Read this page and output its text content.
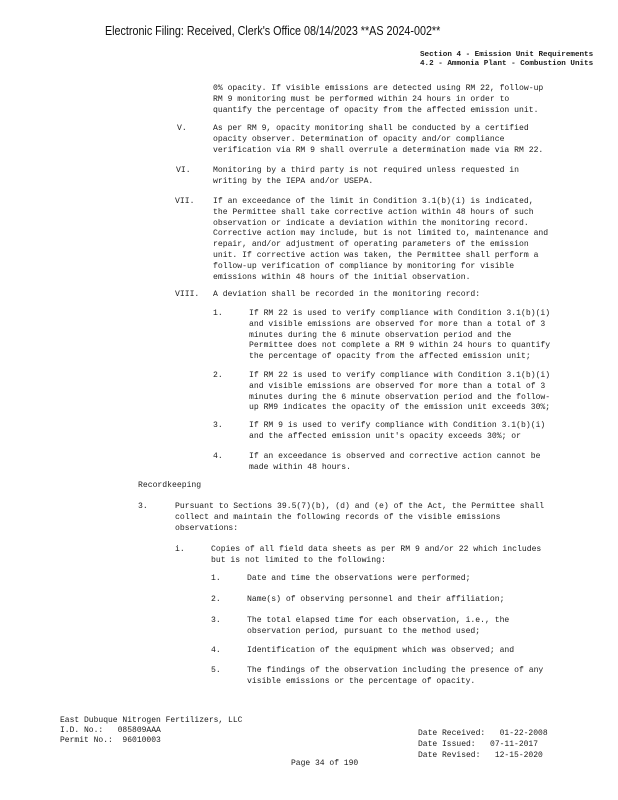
Electronic Filing: Received, Clerk's Office 08/14/2023 **AS 2024-002**
Section 4 - Emission Unit Requirements
4.2 - Ammonia Plant - Combustion Units
0% opacity. If visible emissions are detected using RM 22, follow-up
RM 9 monitoring must be performed within 24 hours in order to
quantify the percentage of opacity from the affected emission unit.
V.	As per RM 9, opacity monitoring shall be conducted by a certified
opacity observer. Determination of opacity and/or compliance
verification via RM 9 shall overrule a determination made via RM 22.
VI.	Monitoring by a third party is not required unless requested in
writing by the IEPA and/or USEPA.
VII. If an exceedance of the limit in Condition 3.1(b)(i) is indicated,
the Permittee shall take corrective action within 48 hours of such
observation or indicate a deviation within the monitoring record.
Corrective action may include, but is not limited to, maintenance and
repair, and/or adjustment of operating parameters of the emission
unit. If corrective action was taken, the Permittee shall perform a
follow-up verification of compliance by monitoring for visible
emissions within 48 hours of the initial observation.
VIII. A deviation shall be recorded in the monitoring record:
1.	If RM 22 is used to verify compliance with Condition 3.1(b)(i)
and visible emissions are observed for more than a total of 3
minutes during the 6 minute observation period and the
Permittee does not complete a RM 9 within 24 hours to quantify
the percentage of opacity from the affected emission unit;
2.	If RM 22 is used to verify compliance with Condition 3.1(b)(i)
and visible emissions are observed for more than a total of 3
minutes during the 6 minute observation period and the follow-
up RM9 indicates the opacity of the emission unit exceeds 30%;
3.	If RM 9 is used to verify compliance with Condition 3.1(b)(i)
and the affected emission unit's opacity exceeds 30%; or
4.	If an exceedance is observed and corrective action cannot be
made within 48 hours.
Recordkeeping
3.	Pursuant to Sections 39.5(7)(b), (d) and (e) of the Act, the Permittee shall
collect and maintain the following records of the visible emissions
observations:
i.	Copies of all field data sheets as per RM 9 and/or 22 which includes
but is not limited to the following:
1.	Date and time the observations were performed;
2.	Name(s) of observing personnel and their affiliation;
3.	The total elapsed time for each observation, i.e., the
observation period, pursuant to the method used;
4.	Identification of the equipment which was observed; and
5.	The findings of the observation including the presence of any
visible emissions or the percentage of opacity.
East Dubuque Nitrogen Fertilizers, LLC
I.D. No.: 085809AAA
Permit No.: 96010003
Date Received: 01-22-2008
Date Issued: 07-11-2017
Date Revised: 12-15-2020
Page 34 of 190
